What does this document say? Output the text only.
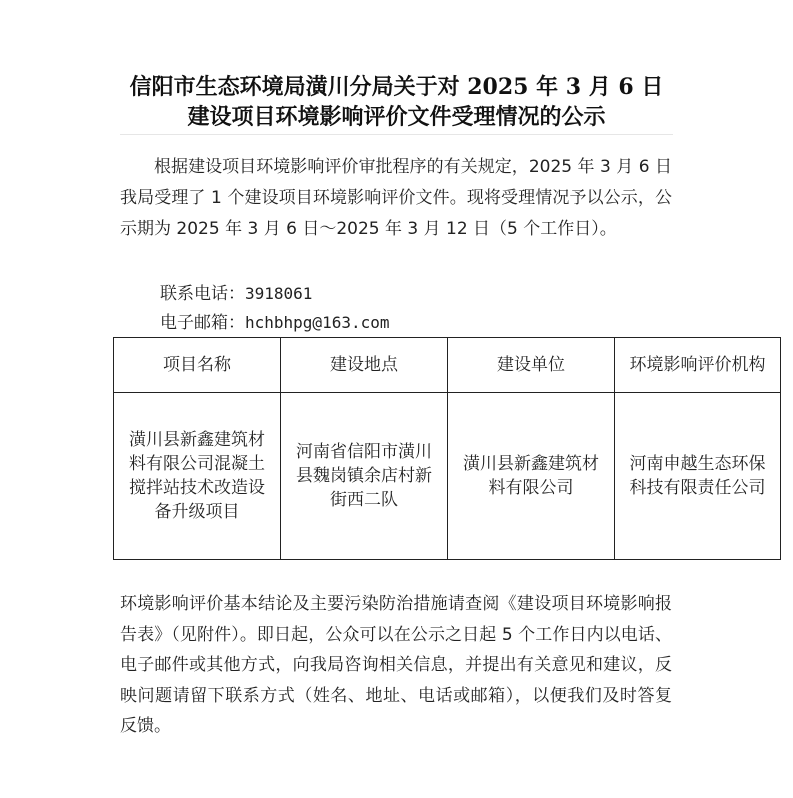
信阳市生态环境局潢川分局关于对 2025 年 3 月 6 日
建设项目环境影响评价文件受理情况的公示

根据建设项目环境影响评价审批程序的有关规定，2025 年 3 月 6 日我局受理了 1 个建设项目环境影响评价文件。现将受理情况予以公示，公示期为 2025 年 3 月 6 日～2025 年 3 月 12 日（5 个工作日）。

联系电话：3918061
电子邮箱：hchbhpg@163.com
项目名称	建设地点	建设单位	环境影响评价机构
潢川县新鑫建筑材料有限公司混凝土搅拌站技术改造设备升级项目	河南省信阳市潢川县魏岗镇余店村新街西二队	潢川县新鑫建筑材料有限公司	河南申越生态环保科技有限责任公司
环境影响评价基本结论及主要污染防治措施请查阅《建设项目环境影响报告表》（见附件）。即日起，公众可以在公示之日起 5 个工作日内以电话、电子邮件或其他方式，向我局咨询相关信息，并提出有关意见和建议，反映问题请留下联系方式（姓名、地址、电话或邮箱），以便我们及时答复反馈。
